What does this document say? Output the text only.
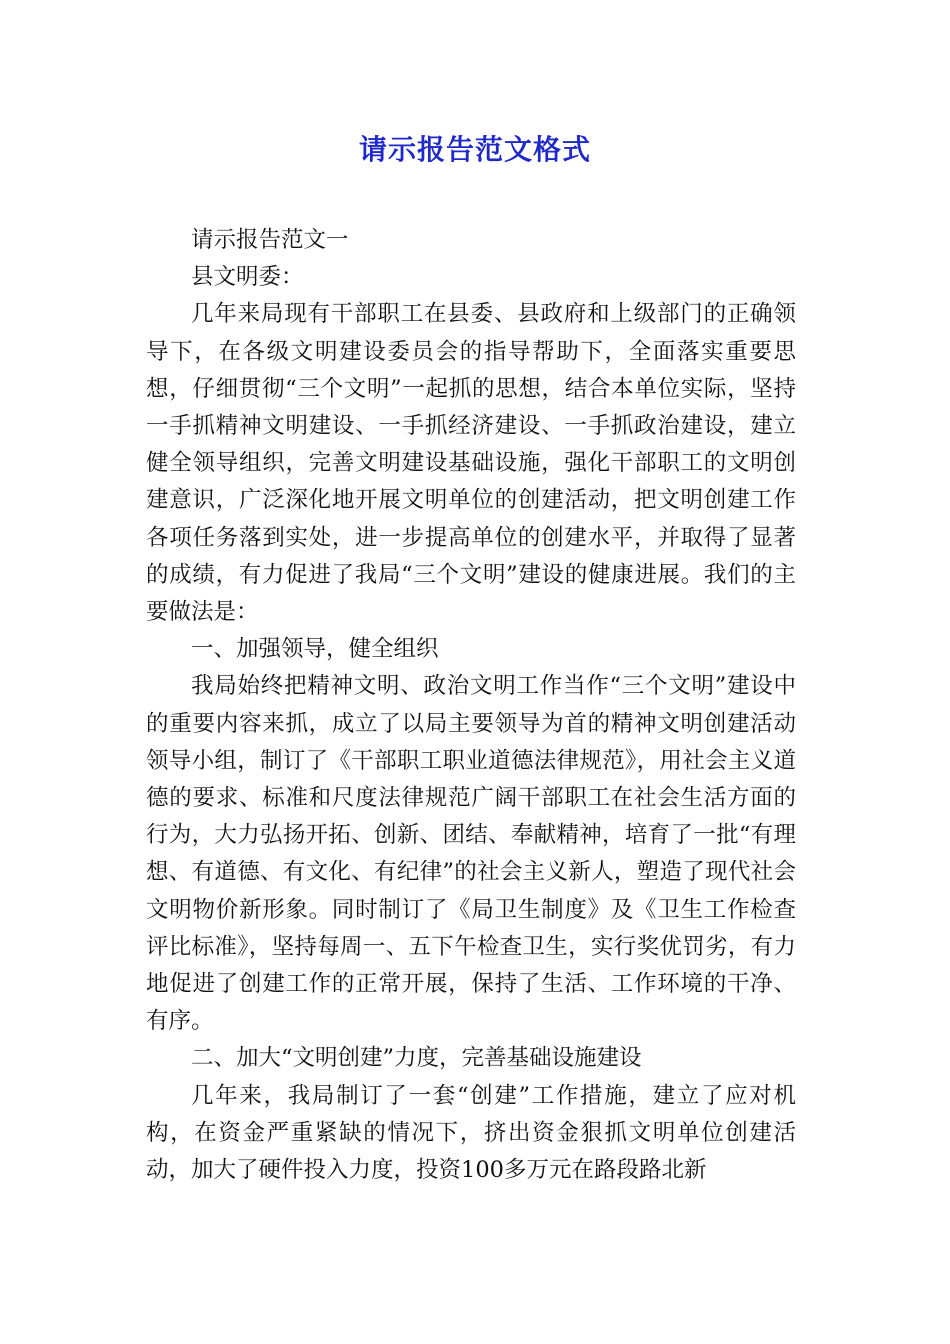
请示报告范文格式

请示报告范文一

县文明委：

几年来局现有干部职工在县委、县政府和上级部门的正确领导下，在各级文明建设委员会的指导帮助下，全面落实重要思想，仔细贯彻“三个文明”一起抓的思想，结合本单位实际，坚持一手抓精神文明建设、一手抓经济建设、一手抓政治建设，建立健全领导组织，完善文明建设基础设施，强化干部职工的文明创建意识，广泛深化地开展文明单位的创建活动，把文明创建工作各项任务落到实处，进一步提高单位的创建水平，并取得了显著的成绩，有力促进了我局“三个文明”建设的健康进展。我们的主要做法是：

一、加强领导，健全组织

我局始终把精神文明、政治文明工作当作“三个文明”建设中的重要内容来抓，成立了以局主要领导为首的精神文明创建活动领导小组，制订了《干部职工职业道德法律规范》，用社会主义道德的要求、标准和尺度法律规范广阔干部职工在社会生活方面的行为，大力弘扬开拓、创新、团结、奉献精神，培育了一批“有理想、有道德、有文化、有纪律”的社会主义新人，塑造了现代社会文明物价新形象。同时制订了《局卫生制度》及《卫生工作检查评比标准》，坚持每周一、五下午检查卫生，实行奖优罚劣，有力地促进了创建工作的正常开展，保持了生活、工作环境的干净、有序。

二、加大“文明创建”力度，完善基础设施建设

几年来，我局制订了一套“创建”工作措施，建立了应对机构，在资金严重紧缺的情况下，挤出资金狠抓文明单位创建活动，加大了硬件投入力度，投资100多万元在路段路北新
